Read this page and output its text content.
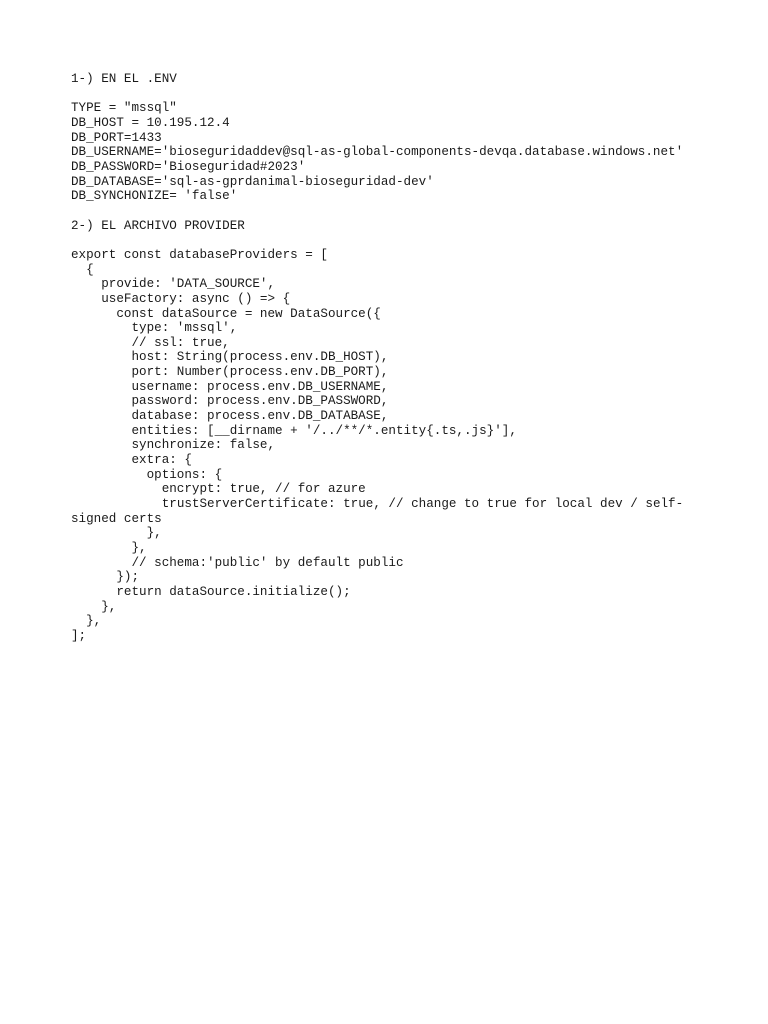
1-) EN EL .ENV
TYPE = "mssql"
DB_HOST = 10.195.12.4
DB_PORT=1433
DB_USERNAME='bioseguridaddev@sql-as-global-components-devqa.database.windows.net'
DB_PASSWORD='Bioseguridad#2023'
DB_DATABASE='sql-as-gprdanimal-bioseguridad-dev'
DB_SYNCHONIZE= 'false'
2-) EL ARCHIVO PROVIDER
export const databaseProviders = [
{
provide: 'DATA_SOURCE',
useFactory: async () => {
const dataSource = new DataSource({
type: 'mssql',
// ssl: true,
host: String(process.env.DB_HOST),
port: Number(process.env.DB_PORT),
username: process.env.DB_USERNAME,
password: process.env.DB_PASSWORD,
database: process.env.DB_DATABASE,
entities: [__dirname + '/../**/*.entity{.ts,.js}'],
synchronize: false,
extra: {
options: {
encrypt: true, // for azure
trustServerCertificate: true, // change to true for local dev / self-signed certs
},
},
// schema:'public' by default public
});
return dataSource.initialize();
},
},
];
